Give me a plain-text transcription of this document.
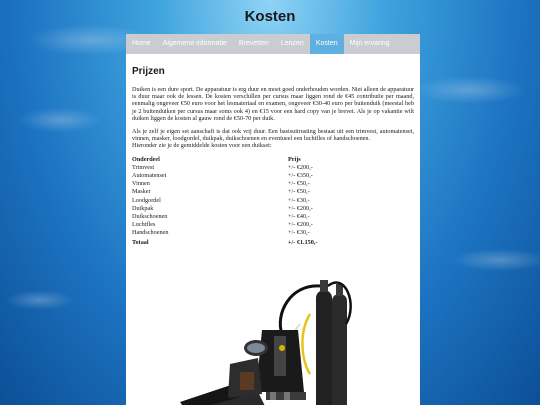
Kosten
Home	Algemene informatie	Brevetten	Lenzen	Kosten	Mijn ervaring
Prijzen

Duiken is een dure sport. De apparatuur is erg duur en moet goed onderhouden worden. Niet alleen de apparatuur is duur maar ook de lessen. De kosten verschillen per cursus maar liggen rond de €45 contributie per maand, eenmalig ongeveer €50 euro voor het lesmateriaal en examen, ongeveer €30-40 euro per buitenduik (meestal heb je 2 buitenduiken per cursus maar soms ook 4) en €15 voor een hard copy van je brevet. Als je op vakantie wilt duiken liggen de kosten al gauw rond de €50-70 per duik.

Als je zelf je eigen set aanschaft is dat ook vrij duur. Een basisuitrusting bestaat uit een trimvest, automatenset, vinnen, masker, loodgordel, duikpak, duikschoenen en eventueel een luchtfles of handschoenen.

Hieronder zie je de gemiddelde kosten voor een duikset:

Onderdeel	Prijs
Trimvest	+/- €200,-
Automatenset	+/- €350,-
Vinnen	+/- €50,-
Masker	+/- €50,-
Loodgordel	+/- €30,-
Duikpak	+/- €200,-
Duikschoenen	+/- €40,-
Luchtfles	+/- €200,-
Handschoenen	+/- €30,-
Totaal	+/- €1.150,-
